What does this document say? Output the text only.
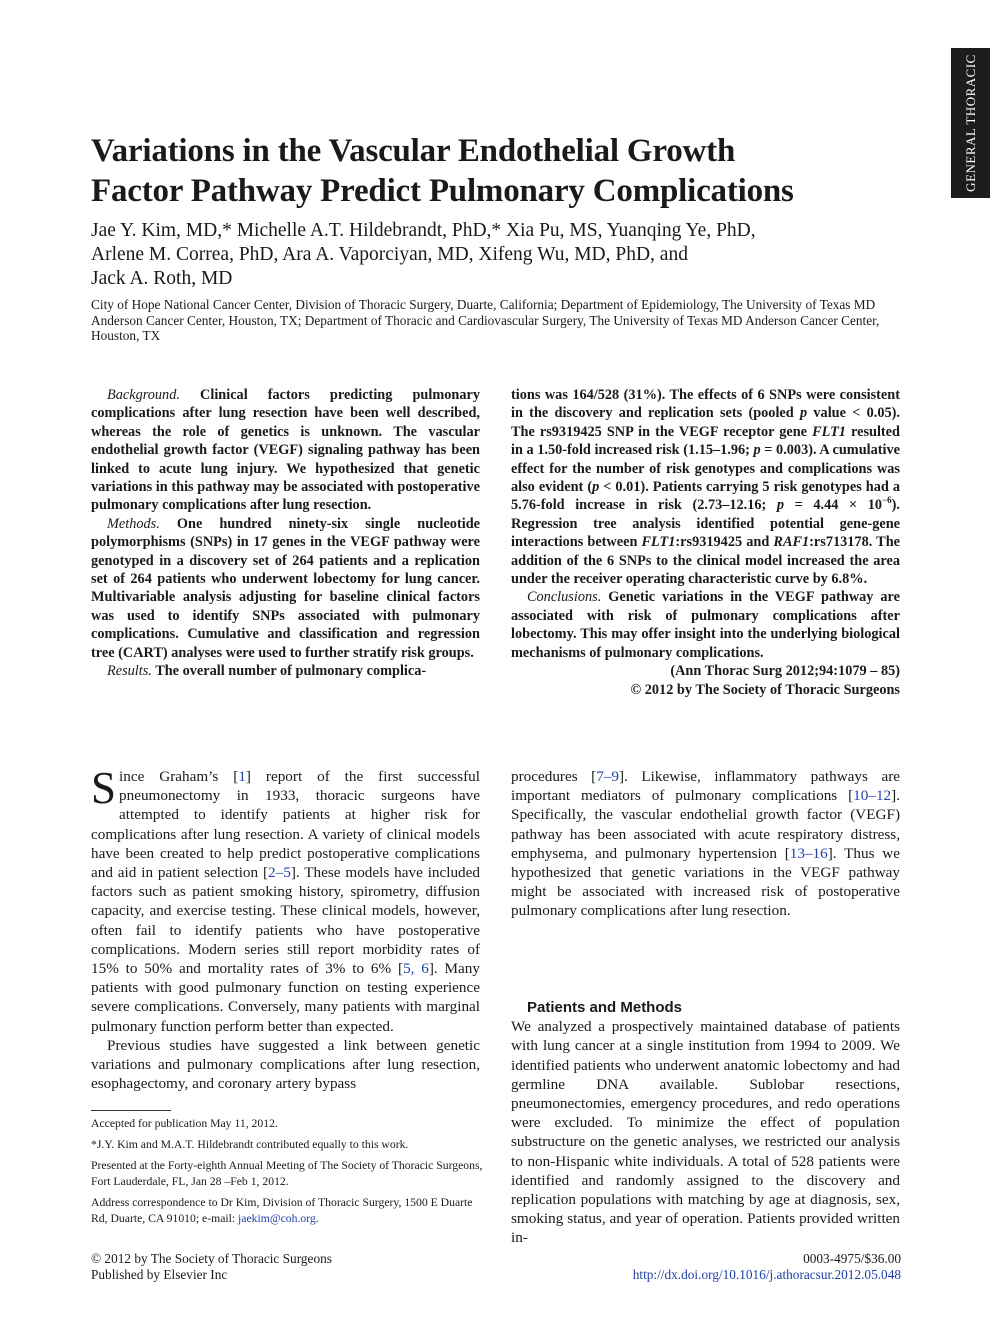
GENERAL THORACIC
Variations in the Vascular Endothelial Growth
Factor Pathway Predict Pulmonary Complications
Jae Y. Kim, MD,* Michelle A.T. Hildebrandt, PhD,* Xia Pu, MS, Yuanqing Ye, PhD,
Arlene M. Correa, PhD, Ara A. Vaporciyan, MD, Xifeng Wu, MD, PhD, and
Jack A. Roth, MD
City of Hope National Cancer Center, Division of Thoracic Surgery, Duarte, California; Department of Epidemiology, The University of Texas MD Anderson Cancer Center, Houston, TX; Department of Thoracic and Cardiovascular Surgery, The University of Texas MD Anderson Cancer Center, Houston, TX

Background. Clinical factors predicting pulmonary complications after lung resection have been well described, whereas the role of genetics is unknown. The vascular endothelial growth factor (VEGF) signaling pathway has been linked to acute lung injury. We hypothesized that genetic variations in this pathway may be associated with postoperative pulmonary complications after lung resection.

Methods. One hundred ninety-six single nucleotide polymorphisms (SNPs) in 17 genes in the VEGF pathway were genotyped in a discovery set of 264 patients and a replication set of 264 patients who underwent lobectomy for lung cancer. Multivariable analysis adjusting for baseline clinical factors was used to identify SNPs associated with pulmonary complications. Cumulative and classification and regression tree (CART) analyses were used to further stratify risk groups.

Results. The overall number of pulmonary complica-

tions was 164/528 (31%). The effects of 6 SNPs were consistent in the discovery and replication sets (pooled p value < 0.05). The rs9319425 SNP in the VEGF receptor gene FLT1 resulted in a 1.50-fold increased risk (1.15–1.96; p = 0.003). A cumulative effect for the number of risk genotypes and complications was also evident (p < 0.01). Patients carrying 5 risk genotypes had a 5.76-fold increase in risk (2.73–12.16; $p = 4.44 \times 10^{-6}$). Regression tree analysis identified potential gene-gene interactions between FLT1:rs9319425 and RAF1:rs713178. The addition of the 6 SNPs to the clinical model increased the area under the receiver operating characteristic curve by 6.8%.

Conclusions. Genetic variations in the VEGF pathway are associated with risk of pulmonary complications after lobectomy. This may offer insight into the underlying biological mechanisms of pulmonary complications.

(Ann Thorac Surg 2012;94:1079 – 85)

© 2012 by The Society of Thoracic Surgeons

Since Graham’s [1] report of the first successful pneumonectomy in 1933, thoracic surgeons have attempted to identify patients at higher risk for complications after lung resection. A variety of clinical models have been created to help predict postoperative complications and aid in patient selection [2–5]. These models have included factors such as patient smoking history, spirometry, diffusion capacity, and exercise testing. These clinical models, however, often fail to identify patients who have postoperative complications. Modern series still report morbidity rates of 15% to 50% and mortality rates of 3% to 6% [5, 6]. Many patients with good pulmonary function on testing experience severe complications. Conversely, many patients with marginal pulmonary function perform better than expected.

Previous studies have suggested a link between genetic variations and pulmonary complications after lung resection, esophagectomy, and coronary artery bypass

procedures [7–9]. Likewise, inflammatory pathways are important mediators of pulmonary complications [10–12]. Specifically, the vascular endothelial growth factor (VEGF) pathway has been associated with acute respiratory distress, emphysema, and pulmonary hypertension [13–16]. Thus we hypothesized that genetic variations in the VEGF pathway might be associated with increased risk of postoperative pulmonary complications after lung resection.

Patients and Methods

We analyzed a prospectively maintained database of patients with lung cancer at a single institution from 1994 to 2009. We identified patients who underwent anatomic lobectomy and had germline DNA available. Sublobar resections, pneumonectomies, emergency procedures, and redo operations were excluded. To minimize the effect of population substructure on the genetic analyses, we restricted our analysis to non-Hispanic white individuals. A total of 528 patients were identified and randomly assigned to the discovery and replication populations with matching by age at diagnosis, sex, smoking status, and year of operation. Patients provided written in-

Accepted for publication May 11, 2012.

*J.Y. Kim and M.A.T. Hildebrandt contributed equally to this work.

Presented at the Forty-eighth Annual Meeting of The Society of Thoracic Surgeons, Fort Lauderdale, FL, Jan 28 –Feb 1, 2012.

Address correspondence to Dr Kim, Division of Thoracic Surgery, 1500 E Duarte Rd, Duarte, CA 91010; e-mail: jaekim@coh.org.

© 2012 by The Society of Thoracic Surgeons
Published by Elsevier Inc
0003-4975/$36.00
http://dx.doi.org/10.1016/j.athoracsur.2012.05.048
